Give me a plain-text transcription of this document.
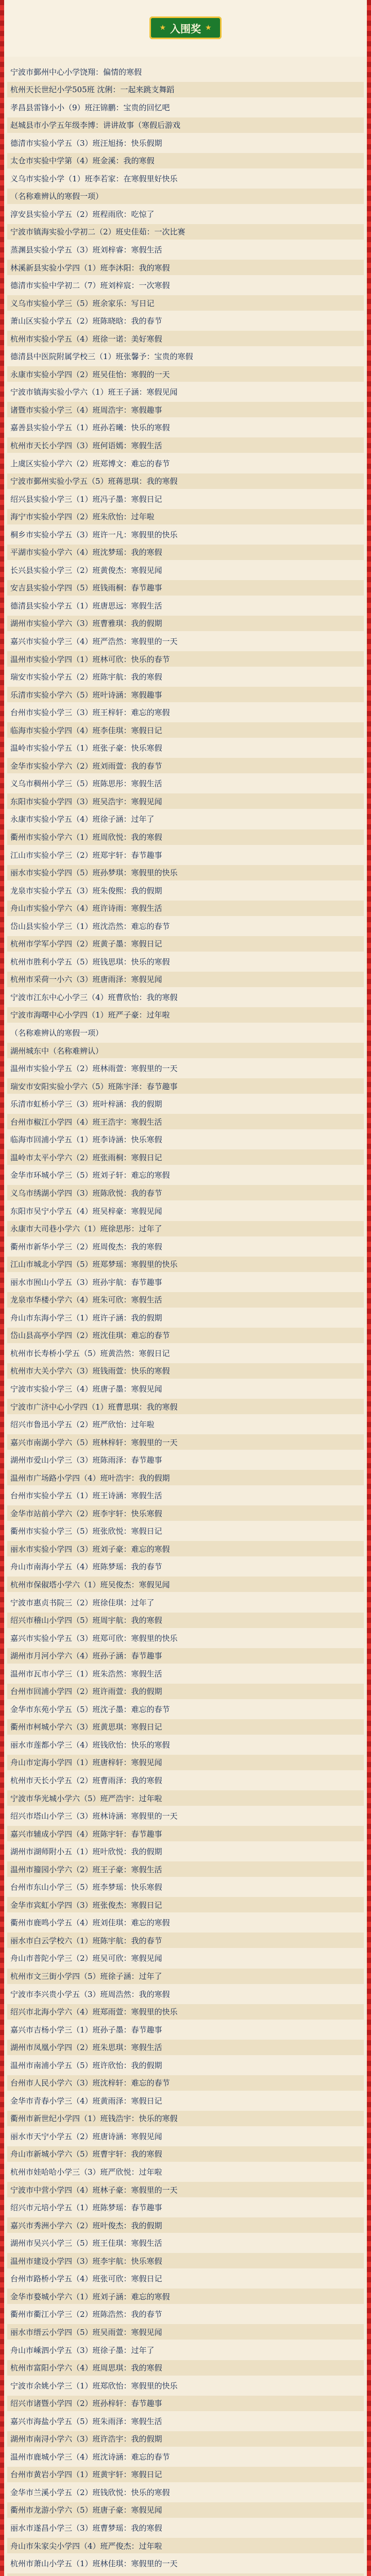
★ 入围奖 ★
宁波市鄞州中心小学饶翔：偏情的寒假
杭州天长世纪小学505班 沈俐：一起来跳支舞蹈
孝昌县雷锋小小（9）班汪锦鹏：宝贵的回忆吧
赵城县市小学五年级李博：讲讲故事（寒假后游戏
德清市实验小学五（3）班汪旭扬：快乐假期
太仓市实验中学第（4）班金溪：我的寒假
义乌市实验小学（1）班李若家：在寒假里好快乐
（名称难辨认的寒假一项）
淳安县实验小学五（2）班程雨欣：吃惊了
宁波市镇海实验小学初二（2）班史佳茹：一次比赛
蒸渊县实验小学五（3）班刘梓睿：寒假生活
林溪新县实验小学四（1）班李沐阳：我的寒假
德清市实验中学初二（7）班刘梓宸：一次寒假
义乌市实验小学三（5）班余家乐：写日记
萧山区实验小学五（2）班陈晓晗：我的春节
杭州市实验小学五（4）班徐一诺：美好寒假
德清县中医院附属学校三（1）班张馨予：宝贵的寒假
永康市实验小学四（2）班吴佳怡：寒假的一天
宁波市镇海实验小学六（1）班王子涵：寒假见闻
诸暨市实验小学三（4）班周浩宇：寒假趣事
嘉善县实验小学五（1）班孙若曦：快乐的寒假
杭州市天长小学四（3）班何语嫣：寒假生活
上虞区实验小学六（2）班郑博文：难忘的春节
宁波市鄞州实验小学五（5）班蒋思琪：我的寒假
绍兴县实验小学三（1）班冯子墨：寒假日记
海宁市实验小学四（2）班朱欣怡：过年啦
桐乡市实验小学五（3）班许一凡：寒假里的快乐
平湖市实验小学六（4）班沈梦瑶：我的寒假
长兴县实验小学三（2）班黄俊杰：寒假见闻
安吉县实验小学四（5）班钱雨桐：春节趣事
德清县实验小学五（1）班唐思远：寒假生活
湖州市实验小学六（3）班曹雅琪：我的假期
嘉兴市实验小学三（4）班严浩然：寒假里的一天
温州市实验小学四（1）班林可欣：快乐的春节
瑞安市实验小学五（2）班陈宇航：我的寒假
乐清市实验小学六（5）班叶诗涵：寒假趣事
台州市实验小学三（3）班王梓轩：难忘的寒假
临海市实验小学四（4）班李佳琪：寒假日记
温岭市实验小学五（1）班张子豪：快乐寒假
金华市实验小学六（2）班刘雨萱：我的春节
义乌市稠州小学三（5）班陈思彤：寒假生活
东阳市实验小学四（3）班吴浩宇：寒假见闻
永康市实验小学五（4）班徐子涵：过年了
衢州市实验小学六（1）班周欣悦：我的寒假
江山市实验小学三（2）班郑宇轩：春节趣事
丽水市实验小学四（5）班孙梦琪：寒假里的快乐
龙泉市实验小学五（3）班朱俊熙：我的假期
舟山市实验小学六（4）班许诗雨：寒假生活
岱山县实验小学三（1）班沈浩然：难忘的春节
杭州市学军小学四（2）班黄子墨：寒假日记
杭州市胜利小学五（5）班钱思琪：快乐的寒假
杭州市采荷一小六（3）班唐雨泽：寒假见闻
宁波市江东中心小学三（4）班曹欣怡：我的寒假
宁波市海曙中心小学四（1）班严子豪：过年啦
（名称难辨认的寒假一项）
湖州城东中（名称难辨认）
温州市实验小学五（2）班林雨萱：寒假里的一天
瑞安市安阳实验小学六（5）班陈宇泽：春节趣事
乐清市虹桥小学三（3）班叶梓涵：我的假期
台州市椒江小学四（4）班王浩宇：寒假生活
临海市回浦小学五（1）班李诗涵：快乐寒假
温岭市太平小学六（2）班张雨桐：寒假日记
金华市环城小学三（5）班刘子轩：难忘的寒假
义乌市绣湖小学四（3）班陈欣悦：我的春节
东阳市吴宁小学五（4）班吴梓豪：寒假见闻
永康市大司巷小学六（1）班徐思彤：过年了
衢州市新华小学三（2）班周俊杰：我的寒假
江山市城北小学四（5）班郑梦瑶：寒假里的快乐
丽水市囿山小学五（3）班孙宇航：春节趣事
龙泉市华楼小学六（4）班朱可欣：寒假生活
舟山市东海小学三（1）班许子涵：我的假期
岱山县高亭小学四（2）班沈佳琪：难忘的春节
杭州市长寿桥小学五（5）班黄浩然：寒假日记
杭州市大关小学六（3）班钱雨萱：快乐的寒假
宁波市实验小学三（4）班唐子墨：寒假见闻
宁波市广济中心小学四（1）班曹思琪：我的寒假
绍兴市鲁迅小学五（2）班严欣怡：过年啦
嘉兴市南湖小学六（5）班林梓轩：寒假里的一天
湖州市爱山小学三（3）班陈雨泽：春节趣事
温州市广场路小学四（4）班叶浩宇：我的假期
台州市实验小学五（1）班王诗涵：寒假生活
金华市站前小学六（2）班李宇轩：快乐寒假
衢州市实验小学三（5）班张欣悦：寒假日记
丽水市实验小学四（3）班刘子豪：难忘的寒假
舟山市南海小学五（4）班陈梦瑶：我的春节
杭州市保俶塔小学六（1）班吴俊杰：寒假见闻
宁波市惠贞书院三（2）班徐佳琪：过年了
绍兴市稽山小学四（5）班周宇航：我的寒假
嘉兴市实验小学五（3）班郑可欣：寒假里的快乐
湖州市月河小学六（4）班孙子涵：春节趣事
温州市瓦市小学三（1）班朱浩然：寒假生活
台州市回浦小学四（2）班许雨萱：我的假期
金华市东苑小学五（5）班沈子墨：难忘的春节
衢州市柯城小学六（3）班黄思琪：寒假日记
丽水市莲都小学三（4）班钱欣怡：快乐的寒假
舟山市定海小学四（1）班唐梓轩：寒假见闻
杭州市天长小学五（2）班曹雨泽：我的寒假
宁波市华光城小学六（5）班严浩宇：过年啦
绍兴市塔山小学三（3）班林诗涵：寒假里的一天
嘉兴市辅成小学四（4）班陈宇轩：春节趣事
湖州市湖师附小五（1）班叶欣悦：我的假期
温州市籀园小学六（2）班王子豪：寒假生活
台州市东山小学三（5）班李梦瑶：快乐寒假
金华市宾虹小学四（3）班张俊杰：寒假日记
衢州市鹿鸣小学五（4）班刘佳琪：难忘的寒假
丽水市白云学校六（1）班陈宇航：我的春节
舟山市普陀小学三（2）班吴可欣：寒假见闻
杭州市文三街小学四（5）班徐子涵：过年了
宁波市李兴贵小学五（3）班周浩然：我的寒假
绍兴市北海小学六（4）班郑雨萱：寒假里的快乐
嘉兴市吉杨小学三（1）班孙子墨：春节趣事
湖州市凤凰小学四（2）班朱思琪：寒假生活
温州市南浦小学五（5）班许欣怡：我的假期
台州市人民小学六（3）班沈梓轩：难忘的春节
金华市青春小学三（4）班黄雨泽：寒假日记
衢州市新世纪小学四（1）班钱浩宇：快乐的寒假
丽水市天宁小学五（2）班唐诗涵：寒假见闻
舟山市新城小学六（5）班曹宇轩：我的寒假
杭州市娃哈哈小学三（3）班严欣悦：过年啦
宁波市中营小学四（4）班林子豪：寒假里的一天
绍兴市元培小学五（1）班陈梦瑶：春节趣事
嘉兴市秀洲小学六（2）班叶俊杰：我的假期
湖州市吴兴小学三（5）班王佳琪：寒假生活
温州市建设小学四（3）班李宇航：快乐寒假
台州市路桥小学五（4）班张可欣：寒假日记
金华市婺城小学六（1）班刘子涵：难忘的寒假
衢州市衢江小学三（2）班陈浩然：我的春节
丽水市缙云小学四（5）班吴雨萱：寒假见闻
舟山市嵊泗小学五（3）班徐子墨：过年了
杭州市富阳小学六（4）班周思琪：我的寒假
宁波市余姚小学三（1）班郑欣怡：寒假里的快乐
绍兴市诸暨小学四（2）班孙梓轩：春节趣事
嘉兴市海盐小学五（5）班朱雨泽：寒假生活
湖州市南浔小学六（3）班许浩宇：我的假期
温州市鹿城小学三（4）班沈诗涵：难忘的春节
台州市黄岩小学四（1）班黄宇轩：寒假日记
金华市兰溪小学五（2）班钱欣悦：快乐的寒假
衢州市龙游小学六（5）班唐子豪：寒假见闻
丽水市遂昌小学三（3）班曹梦瑶：我的寒假
舟山市朱家尖小学四（4）班严俊杰：过年啦
杭州市萧山小学五（1）班林佳琪：寒假里的一天
